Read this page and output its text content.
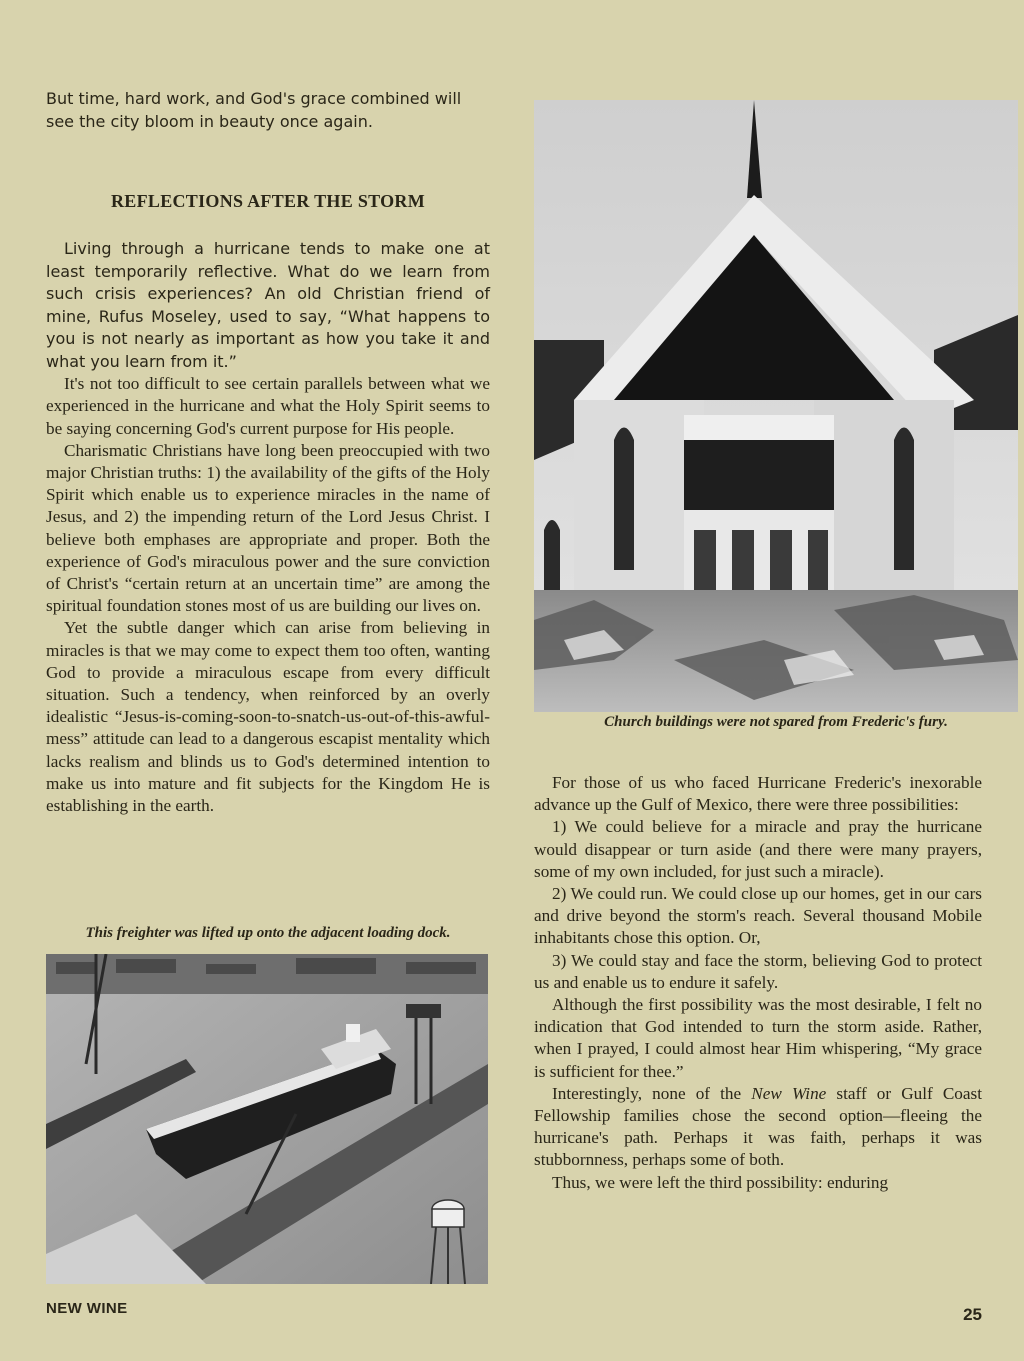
But time, hard work, and God's grace combined will see the city bloom in beauty once again.
REFLECTIONS AFTER THE STORM

Living through a hurricane tends to make one at least temporarily reflective. What do we learn from such crisis experiences? An old Christian friend of mine, Rufus Moseley, used to say, “What happens to you is not nearly as important as how you take it and what you learn from it.”

It's not too difficult to see certain parallels between what we experienced in the hurricane and what the Holy Spirit seems to be saying concerning God's current purpose for His people.

Charismatic Christians have long been preoccupied with two major Christian truths: 1) the availability of the gifts of the Holy Spirit which enable us to experience miracles in the name of Jesus, and 2) the impending return of the Lord Jesus Christ. I believe both emphases are appropriate and proper. Both the experience of God's miraculous power and the sure conviction of Christ's “certain return at an uncertain time” are among the spiritual foundation stones most of us are building our lives on.

Yet the subtle danger which can arise from believing in miracles is that we may come to expect them too often, wanting God to provide a miraculous escape from every difficult situation. Such a tendency, when reinforced by an overly idealistic “Jesus-is-coming-soon-to-snatch-us-out-of-this-awful-mess” attitude can lead to a dangerous escapist mentality which lacks realism and blinds us to God's determined intention to make us into mature and fit subjects for the Kingdom He is establishing in the earth.

Church buildings were not spared from Frederic's fury.

For those of us who faced Hurricane Frederic's inexorable advance up the Gulf of Mexico, there were three possibilities:

1) We could believe for a miracle and pray the hurricane would disappear or turn aside (and there were many prayers, some of my own included, for just such a miracle).

2) We could run. We could close up our homes, get in our cars and drive beyond the storm's reach. Several thousand Mobile inhabitants chose this option. Or,

3) We could stay and face the storm, believing God to protect us and enable us to endure it safely.

Although the first possibility was the most desirable, I felt no indication that God intended to turn the storm aside. Rather, when I prayed, I could almost hear Him whispering, “My grace is sufficient for thee.”

Interestingly, none of the New Wine staff or Gulf Coast Fellowship families chose the second option—fleeing the hurricane's path. Perhaps it was faith, perhaps it was stubbornness, perhaps some of both.

Thus, we were left the third possibility: enduring

This freighter was lifted up onto the adjacent loading dock.
NEW WINE	25
